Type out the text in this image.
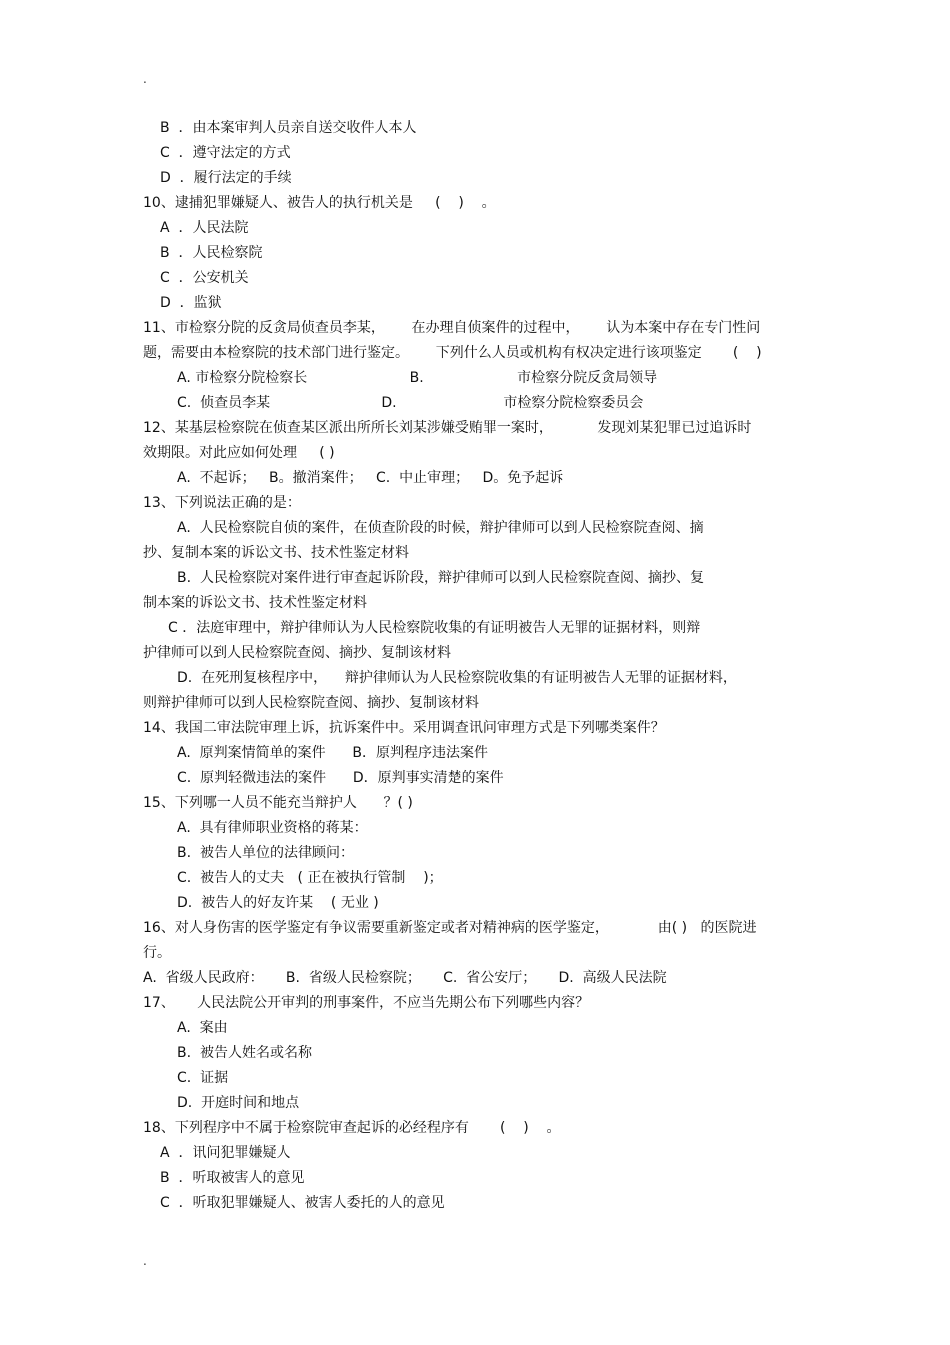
.
B  ．由本案审判人员亲自送交收件人本人
C  ．遵守法定的方式
D  ．履行法定的手续
10、逮捕犯罪嫌疑人、被告人的执行机关是     (    )    。
A  ．人民法院
B  ．人民检察院
C  ．公安机关
D  ．监狱
11、市检察分院的反贪局侦查员李某，      在办理自侦案件的过程中，      认为本案中存在专门性问
题，需要由本检察院的技术部门进行鉴定。      下列什么人员或机构有权决定进行该项鉴定       (    )
A. 市检察分院检察长                       B.                     市检察分院反贪局领导
C.  侦查员李某                         D.                        市检察分院检察委员会
12、某基层检察院在侦查某区派出所所长刘某涉嫌受贿罪一案时，          发现刘某犯罪已过追诉时
效期限。对此应如何处理     ( )
A.  不起诉；   B。撤消案件；   C.  中止审理；   D。免予起诉
13、下列说法正确的是：
A.  人民检察院自侦的案件，在侦查阶段的时候，辩护律师可以到人民检察院查阅、摘
抄、复制本案的诉讼文书、技术性鉴定材料
B.  人民检察院对案件进行审查起诉阶段，辩护律师可以到人民检察院查阅、摘抄、复
制本案的诉讼文书、技术性鉴定材料
C ．法庭审理中，辩护律师认为人民检察院收集的有证明被告人无罪的证据材料，则辩
护律师可以到人民检察院查阅、摘抄、复制该材料
D.  在死刑复核程序中，    辩护律师认为人民检察院收集的有证明被告人无罪的证据材料，
则辩护律师可以到人民检察院查阅、摘抄、复制该材料
14、我国二审法院审理上诉，抗诉案件中。采用调查讯问审理方式是下列哪类案件？
A.  原判案情简单的案件      B．原判程序违法案件
C.  原判轻微违法的案件      D．原判事实清楚的案件
15、下列哪一人员不能充当辩护人      ？( )
A.  具有律师职业资格的蒋某：
B.  被告人单位的法律顾问：
C.  被告人的丈夫   ( 正在被执行管制    )；
D.  被告人的好友许某    ( 无业 )
16、对人身伤害的医学鉴定有争议需要重新鉴定或者对精神病的医学鉴定，           由( )   的医院进
行。
A.  省级人民政府：     B.  省级人民检察院；     C.  省公安厅；     D.  高级人民法院
17、     人民法院公开审判的刑事案件，不应当先期公布下列哪些内容？
A.  案由
B.  被告人姓名或名称
C.  证据
D.  开庭时间和地点
18、下列程序中不属于检察院审查起诉的必经程序有       (    )    。
A  ．讯问犯罪嫌疑人
B  ．听取被害人的意见
C  ．听取犯罪嫌疑人、被害人委托的人的意见
.
